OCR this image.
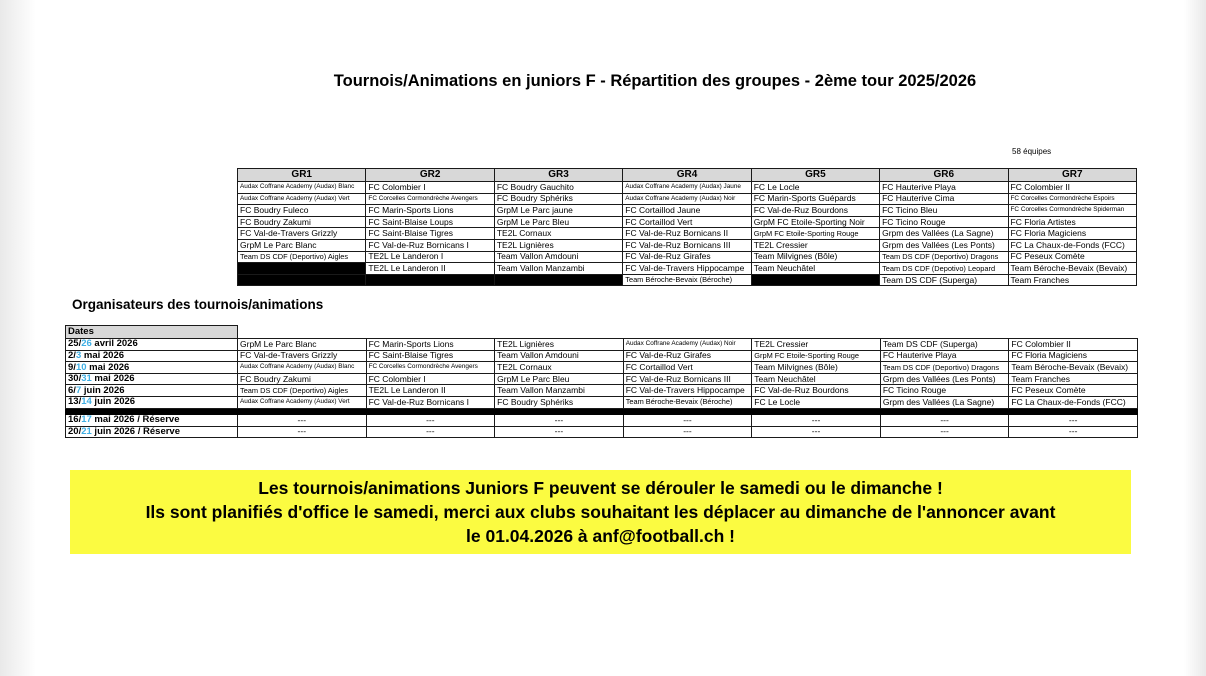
Tournois/Animations en juniors F - Répartition des groupes - 2ème tour 2025/2026
58 équipes
GR1	GR2	GR3	GR4	GR5	GR6	GR7
Audax Coffrane Academy (Audax) Blanc	FC Colombier I	FC Boudry Gauchito	Audax Coffrane Academy (Audax) Jaune	FC Le Locle	FC Hauterive Playa	FC Colombier II
Audax Coffrane Academy (Audax) Vert	FC Corcelles Cormondrèche Avengers	FC Boudry Sphériks	Audax Coffrane Academy (Audax) Noir	FC Marin-Sports Guépards	FC Hauterive Cima	FC Corcelles Cormondrèche Espoirs
FC Boudry Fuleco	FC Marin-Sports Lions	GrpM Le Parc jaune	FC Cortaillod Jaune	FC Val-de-Ruz Bourdons	FC Ticino Bleu	FC Corcelles Cormondrèche Spiderman
FC Boudry Zakumi	FC Saint-Blaise Loups	GrpM Le Parc Bleu	FC Cortaillod Vert	GrpM FC Etoile-Sporting Noir	FC Ticino Rouge	FC Floria Artistes
FC Val-de-Travers Grizzly	FC Saint-Blaise Tigres	TE2L Cornaux	FC Val-de-Ruz Bornicans II	GrpM FC Etoile-Sporting Rouge	Grpm des Vallées (La Sagne)	FC Floria Magiciens
GrpM Le Parc Blanc	FC Val-de-Ruz Bornicans I	TE2L Lignières	FC Val-de-Ruz Bornicans III	TE2L Cressier	Grpm des Vallées (Les Ponts)	FC La Chaux-de-Fonds (FCC)
Team DS CDF (Deportivo) Aigles	TE2L Le Landeron I	Team Vallon Amdouni	FC Val-de-Ruz Girafes	Team Milvignes (Bôle)	Team DS CDF (Deportivo) Dragons	FC Peseux Comète
	TE2L Le Landeron II	Team Vallon Manzambi	FC Val-de-Travers Hippocampe	Team Neuchâtel	Team DS CDF (Depotivo) Leopard	Team Béroche-Bevaix (Bevaix)
			Team Béroche-Bevaix (Béroche)		Team DS CDF (Superga)	Team Franches
Organisateurs des tournois/animations
Dates							
25/26 avril 2026	GrpM Le Parc Blanc	FC Marin-Sports Lions	TE2L Lignières	Audax Coffrane Academy (Audax) Noir	TE2L Cressier	Team DS CDF (Superga)	FC Colombier II
2/3 mai 2026	FC Val-de-Travers Grizzly	FC Saint-Blaise Tigres	Team Vallon Amdouni	FC Val-de-Ruz Girafes	GrpM FC Etoile-Sporting Rouge	FC Hauterive Playa	FC Floria Magiciens
9/10 mai 2026	Audax Coffrane Academy (Audax) Blanc	FC Corcelles Cormondrèche Avengers	TE2L Cornaux	FC Cortaillod Vert	Team Milvignes (Bôle)	Team DS CDF (Deportivo) Dragons	Team Béroche-Bevaix (Bevaix)
30/31 mai 2026	FC Boudry Zakumi	FC Colombier I	GrpM Le Parc Bleu	FC Val-de-Ruz Bornicans III	Team Neuchâtel	Grpm des Vallées (Les Ponts)	Team Franches
6/7 juin 2026	Team DS CDF (Deportivo) Aigles	TE2L Le Landeron II	Team Vallon Manzambi	FC Val-de-Travers Hippocampe	FC Val-de-Ruz Bourdons	FC Ticino Rouge	FC Peseux Comète
13/14 juin 2026	Audax Coffrane Academy (Audax) Vert	FC Val-de-Ruz Bornicans I	FC Boudry Sphériks	Team Béroche-Bevaix (Béroche)	FC Le Locle	Grpm des Vallées (La Sagne)	FC La Chaux-de-Fonds (FCC)

16/17 mai 2026 / Réserve	---	---	---	---	---	---	---
20/21 juin 2026 / Réserve	---	---	---	---	---	---	---
Les tournois/animations Juniors F peuvent se dérouler le samedi ou le dimanche !
Ils sont planifiés d'office le samedi, merci aux clubs souhaitant les déplacer au dimanche de l'annoncer avant
le 01.04.2026 à anf@football.ch !
